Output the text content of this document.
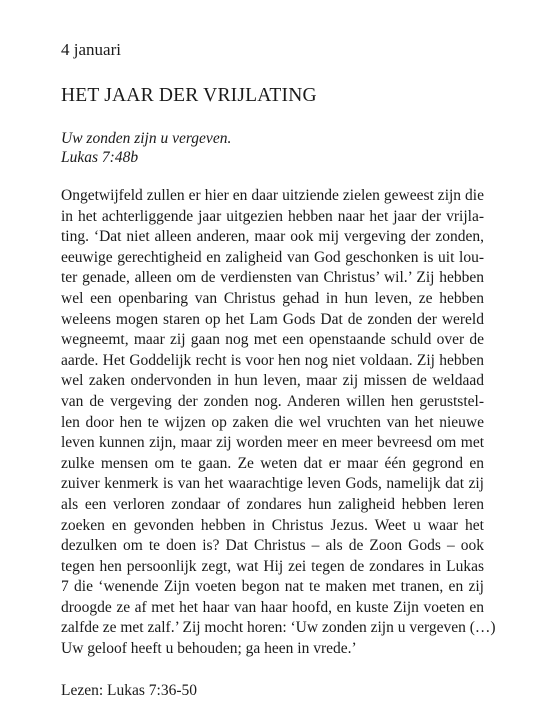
4 januari

HET JAAR DER VRIJLATING
Uw zonden zijn u vergeven.
Lukas 7:48b
Ongetwijfeld zullen er hier en daar uitziende zielen geweest zijn die
in het achterliggende jaar uitgezien hebben naar het jaar der vrijla-
ting. ‘Dat niet alleen anderen, maar ook mij vergeving der zonden,
eeuwige gerechtigheid en zaligheid van God geschonken is uit lou-
ter genade, alleen om de verdiensten van Christus’ wil.’ Zij hebben
wel een openbaring van Christus gehad in hun leven, ze hebben
weleens mogen staren op het Lam Gods Dat de zonden der wereld
wegneemt, maar zij gaan nog met een openstaande schuld over de
aarde. Het Goddelijk recht is voor hen nog niet voldaan. Zij hebben
wel zaken ondervonden in hun leven, maar zij missen de weldaad
van de vergeving der zonden nog. Anderen willen hen geruststel-
len door hen te wijzen op zaken die wel vruchten van het nieuwe
leven kunnen zijn, maar zij worden meer en meer bevreesd om met
zulke mensen om te gaan. Ze weten dat er maar één gegrond en
zuiver kenmerk is van het waarachtige leven Gods, namelijk dat zij
als een verloren zondaar of zondares hun zaligheid hebben leren
zoeken en gevonden hebben in Christus Jezus. Weet u waar het
dezulken om te doen is? Dat Christus – als de Zoon Gods – ook
tegen hen persoonlijk zegt, wat Hij zei tegen de zondares in Lukas
7 die ‘wenende Zijn voeten begon nat te maken met tranen, en zij
droogde ze af met het haar van haar hoofd, en kuste Zijn voeten en
zalfde ze met zalf.’ Zij mocht horen: ‘Uw zonden zijn u vergeven (…)
Uw geloof heeft u behouden; ga heen in vrede.’

Lezen: Lukas 7:36-50
